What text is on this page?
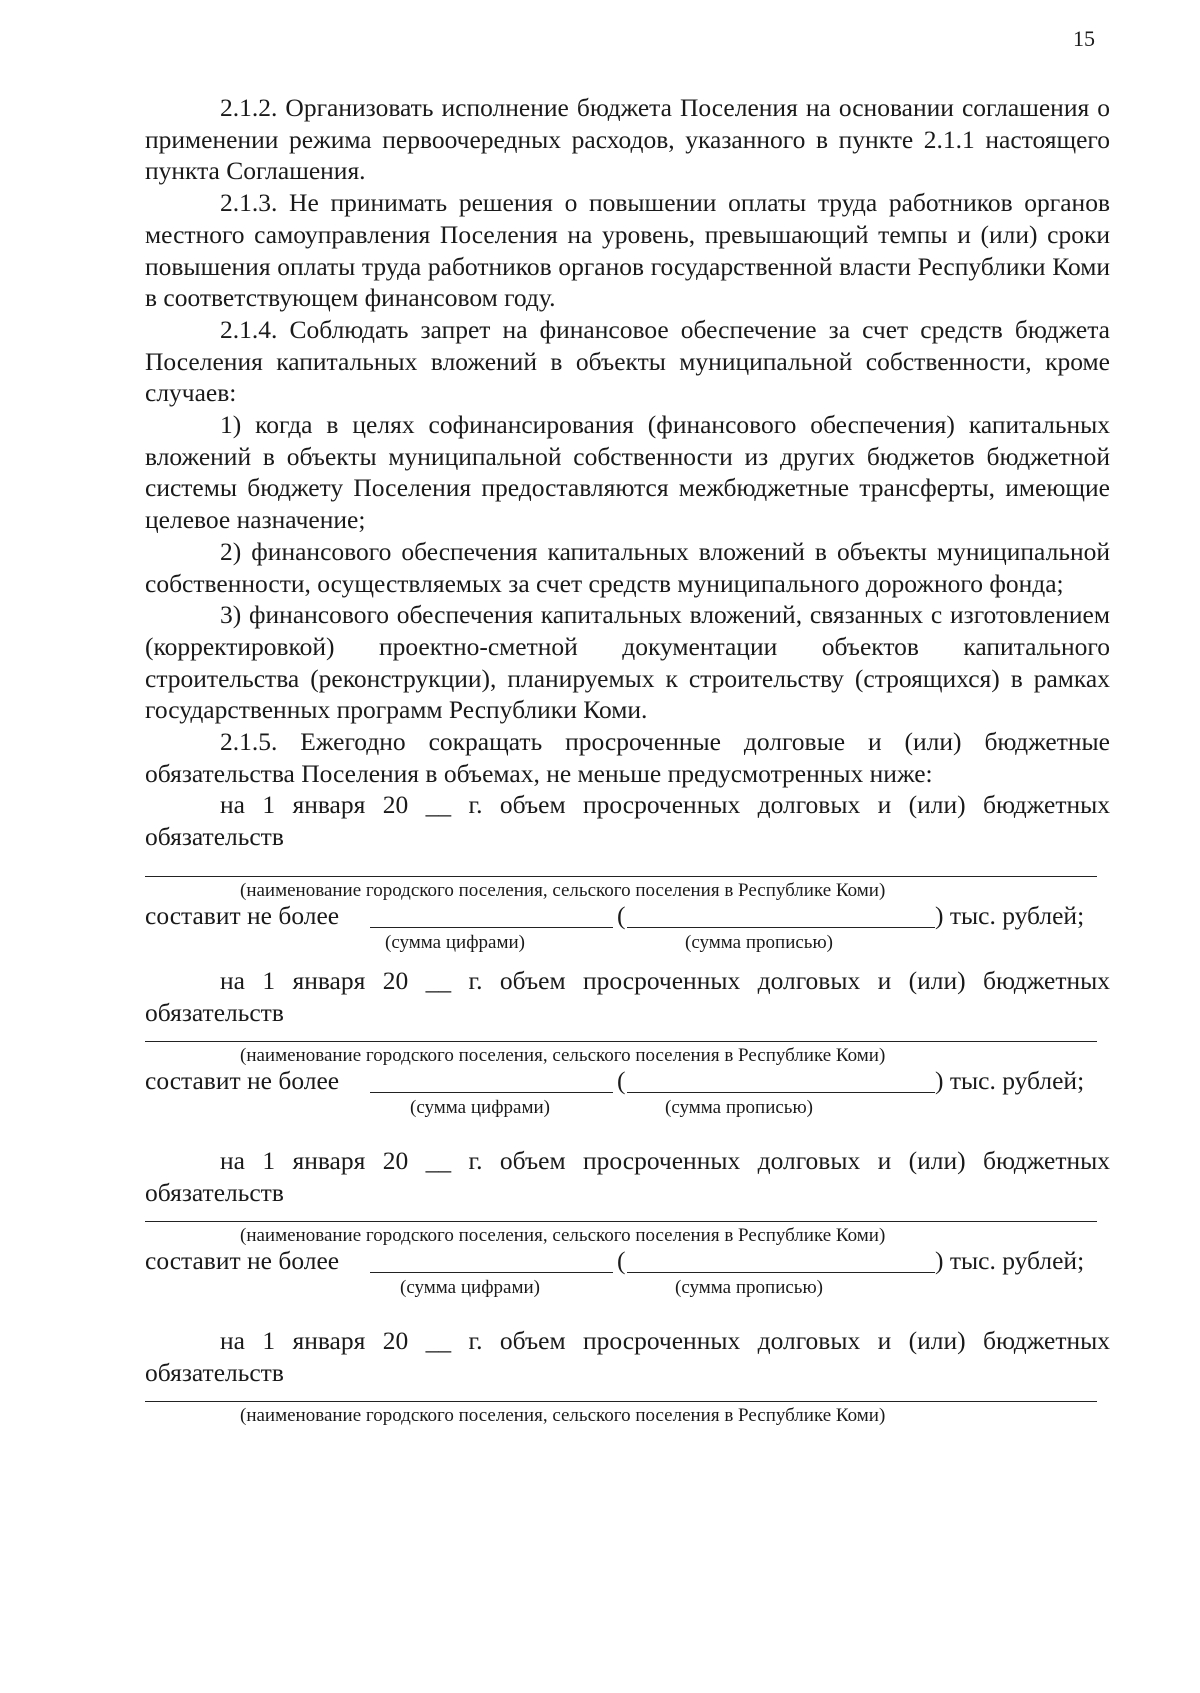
15

2.1.2. Организовать исполнение бюджета Поселения на основании соглашения о применении режима первоочередных расходов, указанного в пункте 2.1.1 настоящего пункта Соглашения.

2.1.3. Не принимать решения о повышении оплаты труда работников органов местного самоуправления Поселения на уровень, превышающий темпы и (или) сроки повышения оплаты труда работников органов государственной власти Республики Коми в соответствующем финансовом году.

2.1.4. Соблюдать запрет на финансовое обеспечение за счет средств бюджета Поселения капитальных вложений в объекты муниципальной собственности, кроме случаев:

1) когда в целях софинансирования (финансового обеспечения) капитальных вложений в объекты муниципальной собственности из других бюджетов бюджетной системы бюджету Поселения предоставляются межбюджетные трансферты, имеющие целевое назначение;

2) финансового обеспечения капитальных вложений в объекты муниципальной собственности, осуществляемых за счет средств муниципального дорожного фонда;

3) финансового обеспечения капитальных вложений, связанных с изготовлением (корректировкой) проектно-сметной документации объектов капитального строительства (реконструкции), планируемых к строительству (строящихся) в рамках государственных программ Республики Коми.

2.1.5. Ежегодно сокращать просроченные долговые и (или) бюджетные обязательства Поселения в объемах, не меньше предусмотренных ниже:

на 1 января 20 __ г. объем просроченных долговых и (или) бюджетных обязательств

(наименование городского поселения, сельского поселения в Республике Коми)
составит не более	(	) тыс. рублей;
(сумма цифрами)	(сумма прописью)

на 1 января 20 __ г. объем просроченных долговых и (или) бюджетных обязательств

(наименование городского поселения, сельского поселения в Республике Коми)
составит не более	(	) тыс. рублей;
(сумма цифрами)	(сумма прописью)

на 1 января 20 __ г. объем просроченных долговых и (или) бюджетных обязательств

(наименование городского поселения, сельского поселения в Республике Коми)
составит не более	(	) тыс. рублей;
(сумма цифрами)	(сумма прописью)

на 1 января 20 __ г. объем просроченных долговых и (или) бюджетных обязательств

(наименование городского поселения, сельского поселения в Республике Коми)
